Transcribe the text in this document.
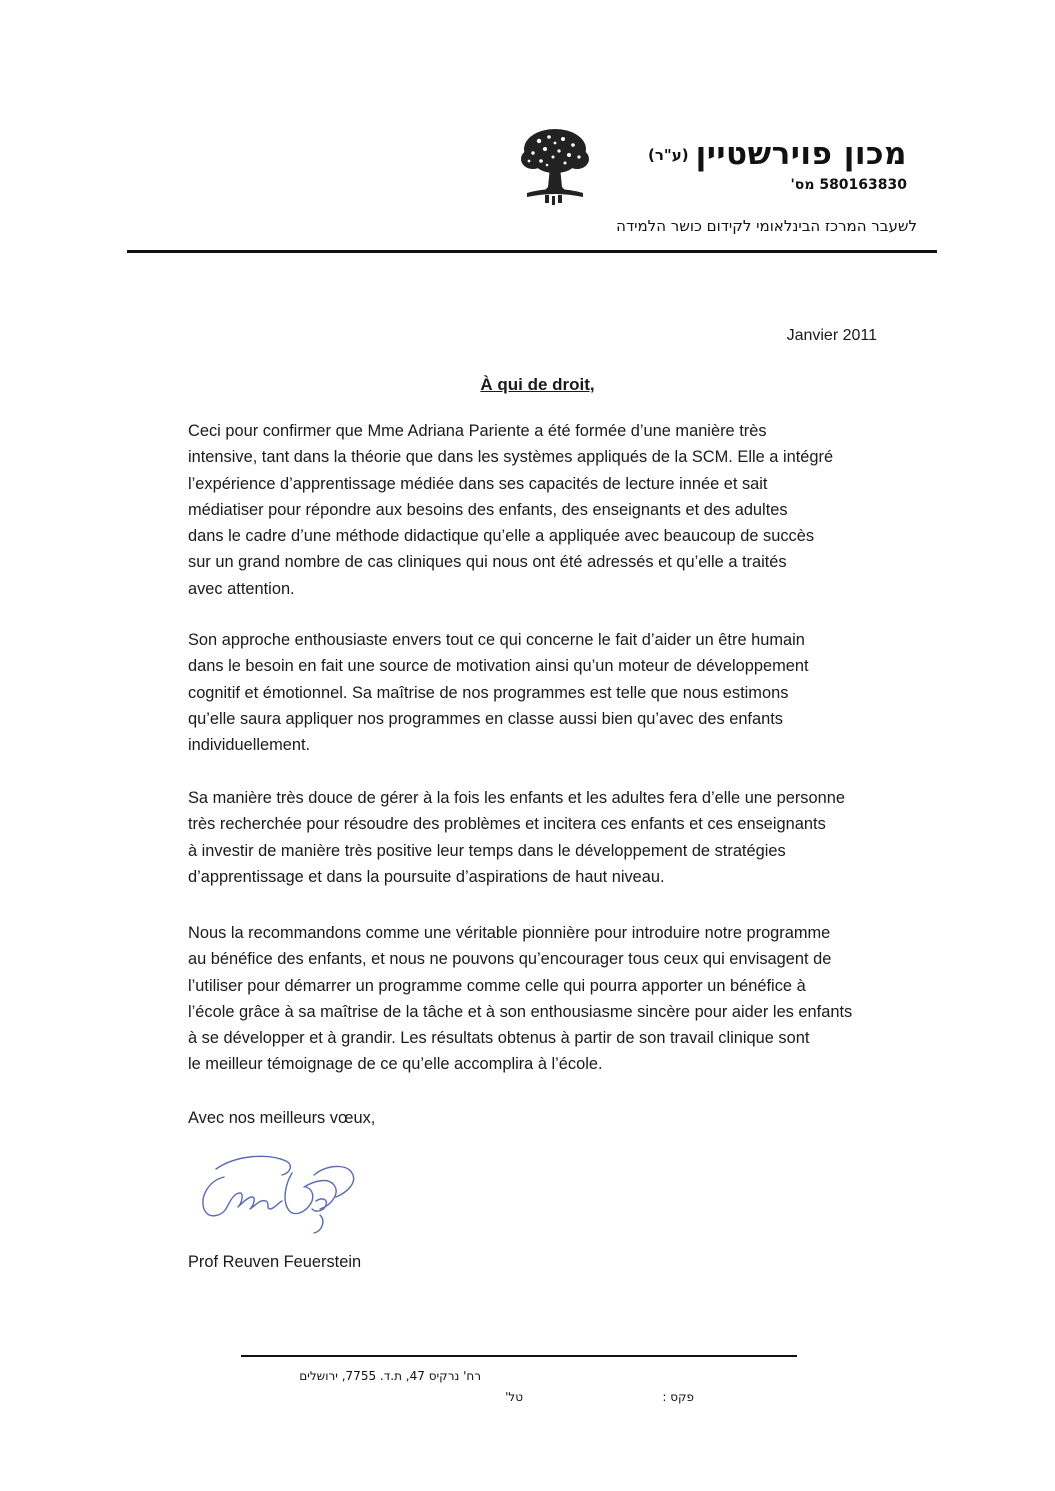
מכון פוירשטיין
(ע"ר)
580163830 מס'
לשעבר המרכז הבינלאומי לקידום כושר הלמידה
Janvier 2011
À qui de droit,

Ceci pour confirmer que Mme Adriana Pariente a été formée d’une manière très
intensive, tant dans la théorie que dans les systèmes appliqués de la SCM. Elle a intégré
l’expérience d’apprentissage médiée dans ses capacités de lecture innée et sait
médiatiser pour répondre aux besoins des enfants, des enseignants et des adultes
dans le cadre d’une méthode didactique qu’elle a appliquée avec beaucoup de succès
sur un grand nombre de cas cliniques qui nous ont été adressés et qu’elle a traités
avec attention.

Son approche enthousiaste envers tout ce qui concerne le fait d’aider un être humain
dans le besoin en fait une source de motivation ainsi qu’un moteur de développement
cognitif et émotionnel. Sa maîtrise de nos programmes est telle que nous estimons
qu’elle saura appliquer nos programmes en classe aussi bien qu’avec des enfants
individuellement.

Sa manière très douce de gérer à la fois les enfants et les adultes fera d’elle une personne
très recherchée pour résoudre des problèmes et incitera ces enfants et ces enseignants
à investir de manière très positive leur temps dans le développement de stratégies
d’apprentissage et dans la poursuite d’aspirations de haut niveau.

Nous la recommandons comme une véritable pionnière pour introduire notre programme
au bénéfice des enfants, et nous ne pouvons qu’encourager tous ceux qui envisagent de
l’utiliser pour démarrer un programme comme celle qui pourra apporter un bénéfice à
l’école grâce à sa maîtrise de la tâche et à son enthousiasme sincère pour aider les enfants
à se développer et à grandir. Les résultats obtenus à partir de son travail clinique sont
le meilleur témoignage de ce qu’elle accomplira à l’école.

Avec nos meilleurs vœux,
Prof Reuven Feuerstein
רח' נרקיס 47, ת.ד. 7755, ירושלים
טל'	פקס :
